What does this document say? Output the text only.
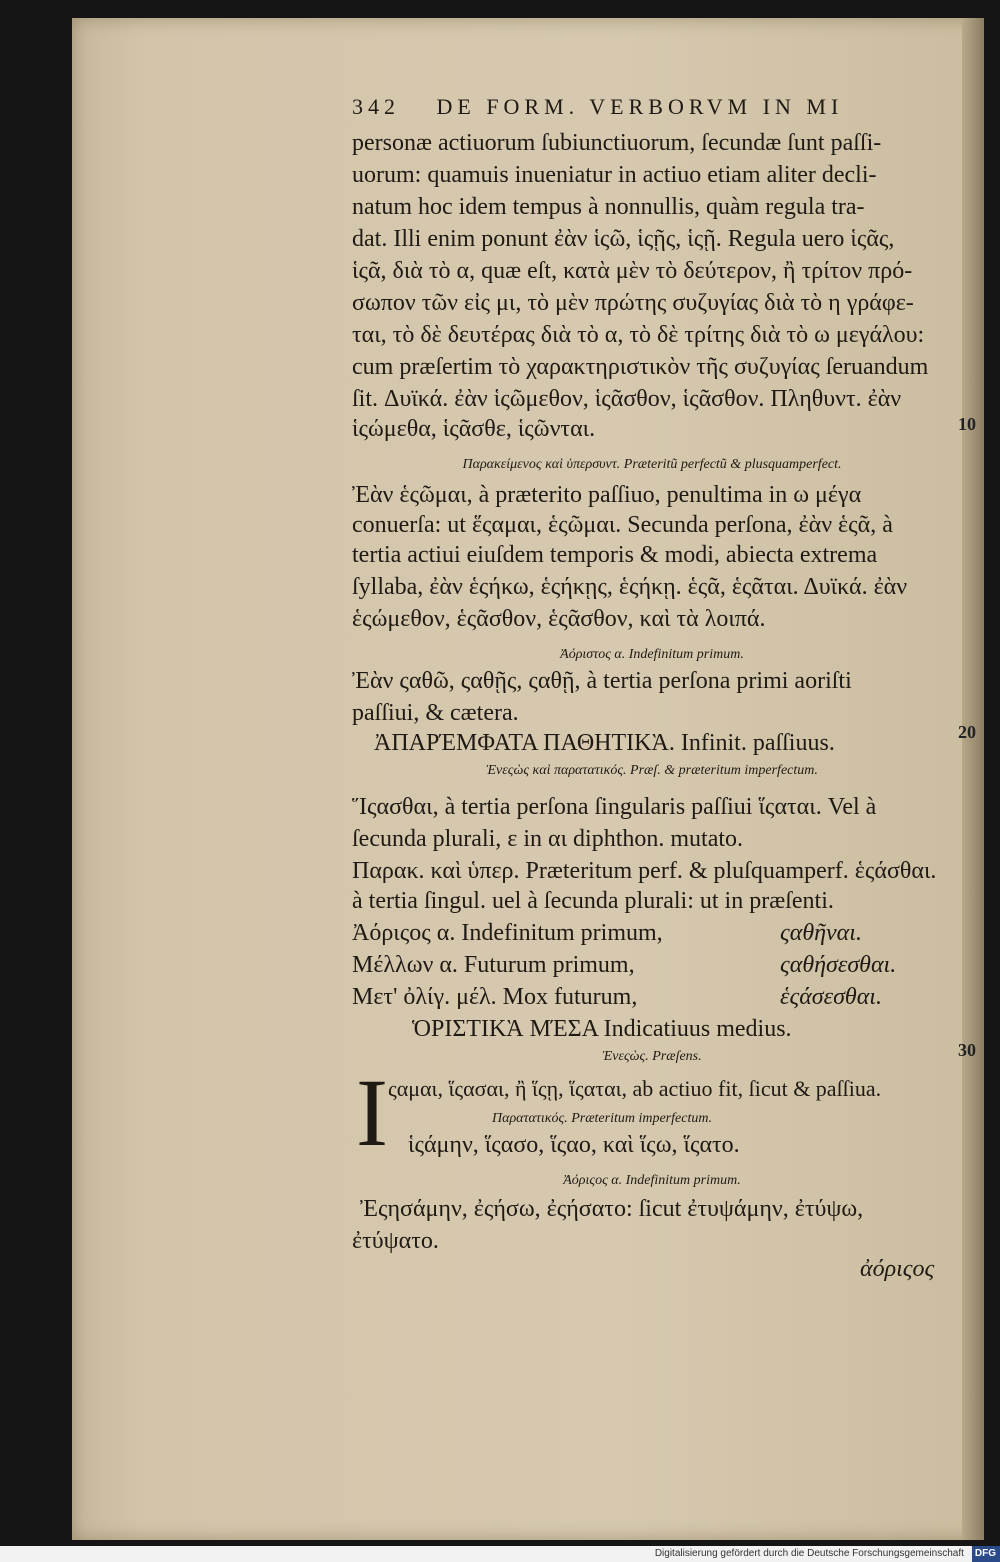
342 DE FORM. VERBORVM IN MI
personæ actiuorum ſubiunctiuorum, ſecundæ ſunt paſſi-
uorum: quamuis inueniatur in actiuo etiam aliter decli-
natum hoc idem tempus à nonnullis, quàm regula tra-
dat. Illi enim ponunt ἐὰν ἱςῶ, ἱςῇς, ἱςῇ. Regula uero ἱςᾶς,
ἱςᾶ, διὰ τὸ α, quæ eſt, κατὰ μὲν τὸ δεύτερον, ἢ τρίτον πρό-
σωπον τῶν εἰς μι, τὸ μὲν πρώτης συζυγίας διὰ τὸ η γράφε-
ται, τὸ δὲ δευτέρας διὰ τὸ α, τὸ δὲ τρίτης διὰ τὸ ω μεγάλου:
cum præſertim τὸ χαρακτηριστικὸν τῆς συζυγίας ſeruandum
ſit. Δυϊκά. ἐὰν ἱςῶμεθον, ἱςᾶσθον, ἱςᾶσθον. Πληθυντ. ἐὰν
ἱςώμεθα, ἱςᾶσθε, ἱςῶνται.
Παρακείμενος καὶ ὑπερσυντ. Præteritũ perfectũ & plusquamperfect.
Ἐὰν ἑςῶμαι, à præterito paſſiuo, penultima in ω μέγα
conuerſa: ut ἕςαμαι, ἑςῶμαι. Secunda perſona, ἐὰν ἑςᾶ, à
tertia actiui eiuſdem temporis & modi, abiecta extrema
ſyllaba, ἐὰν ἑςήκω, ἑςήκῃς, ἑςήκῃ. ἑςᾶ, ἑςᾶται. Δυϊκά. ἐὰν
ἑςώμεθον, ἑςᾶσθον, ἑςᾶσθον, καὶ τὰ λοιπά.
Ἀόριστος α. Indefinitum primum.
Ἐὰν ςαθῶ, ςαθῇς, ςαθῇ, à tertia perſona primi aoriſti
paſſiui, & cætera.
ἈΠΑΡΈΜΦΑΤΑ ΠΑΘΗΤΙΚᾺ. Infinit. paſſiuus.
Ἐνεςὼς καὶ παρατατικός. Præſ. & præteritum imperfectum.
Ἵςασθαι, à tertia perſona ſingularis paſſiui ἵςαται. Vel à
ſecunda plurali, ε in αι diphthon. mutato.
Παρακ. καὶ ὑπερ. Præteritum perf. & pluſquamperf. ἑςάσθαι.
à tertia ſingul. uel à ſecunda plurali: ut in præſenti.
Ἀόριςος α. Indefinitum primum,	ςαθῆναι.
Μέλλων α. Futurum primum,	ςαθήσεσθαι.
Μετ' ὀλίγ. μέλ. Mox futurum,	ἑςάσεσθαι.
ὉΡΙΣΤΙΚᾺ ΜΈΣΑ Indicatiuus medius.
Ἐνεςὼς. Præſens.
ςαμαι, ἵςασαι, ἢ ἵςῃ, ἵςαται, ab actiuo fit, ſicut & paſſiua.
Παρατατικός. Præteritum imperfectum.
ἱςάμην, ἵςασο, ἵςαο, καὶ ἵςω, ἵςατο.
Ἀόριςος α. Indefinitum primum.
Ἐςησάμην, ἐςήσω, ἐςήσατο: ſicut ἐτυψάμην, ἐτύψω,
ἐτύψατο.
ἀόριςος
I
10
20
30
Digitalisierung gefördert durch die Deutsche Forschungsgemeinschaft DFG
